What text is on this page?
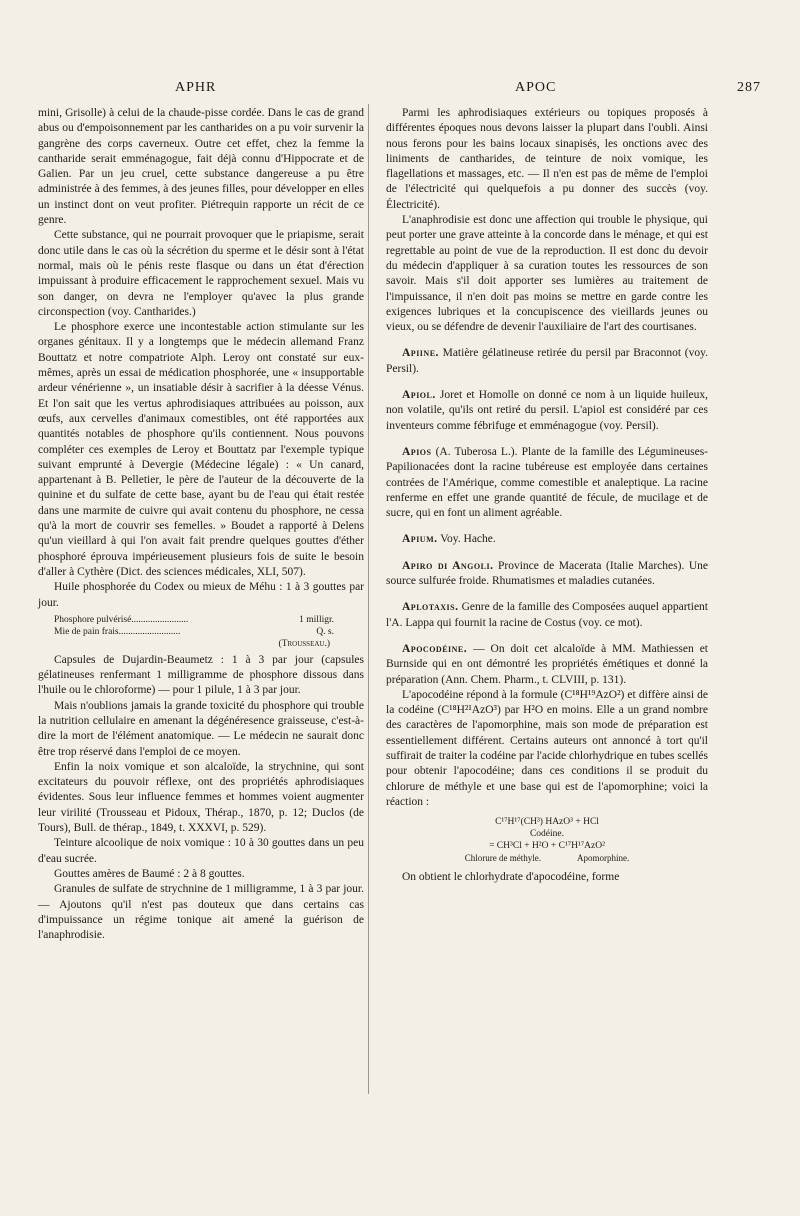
APHR	APOC	287

mini, Grisolle) à celui de la chaude-pisse cordée. Dans le cas de grand abus ou d'empoisonnement par les cantharides on a pu voir survenir la gangrène des corps caverneux. Outre cet effet, chez la femme la cantharide serait emménagogue, fait déjà connu d'Hippocrate et de Galien. Par un jeu cruel, cette substance dangereuse a pu être administrée à des femmes, à des jeunes filles, pour développer en elles un instinct dont on veut profiter. Piétrequin rapporte un récit de ce genre.

Cette substance, qui ne pourrait provoquer que le priapisme, serait donc utile dans le cas où la sécrétion du sperme et le désir sont à l'état normal, mais où le pénis reste flasque ou dans un état d'érection impuissant à produire efficacement le rapprochement sexuel. Mais vu son danger, on devra ne l'employer qu'avec la plus grande circonspection (voy. Cantharides.)

Le phosphore exerce une incontestable action stimulante sur les organes génitaux. Il y a longtemps que le médecin allemand Franz Bouttatz et notre compatriote Alph. Leroy ont constaté sur eux-mêmes, après un essai de médication phosphorée, une « insupportable ardeur vénérienne », un insatiable désir à sacrifier à la déesse Vénus. Et l'on sait que les vertus aphrodisiaques attribuées au poisson, aux œufs, aux cervelles d'animaux comestibles, ont été rapportées aux quantités notables de phosphore qu'ils contiennent. Nous pouvons compléter ces exemples de Leroy et Bouttatz par l'exemple typique suivant emprunté à Devergie (Médecine légale) : « Un canard, appartenant à B. Pelletier, le père de l'auteur de la découverte de la quinine et du sulfate de cette base, ayant bu de l'eau qui était restée dans une marmite de cuivre qui avait contenu du phosphore, ne cessa qu'à la mort de couvrir ses femelles. » Boudet a rapporté à Delens qu'un vieillard à qui l'on avait fait prendre quelques gouttes d'éther phosphoré éprouva impérieusement plusieurs fois de suite le besoin d'aller à Cythère (Dict. des sciences médicales, XLI, 507).

Huile phosphorée du Codex ou mieux de Méhu : 1 à 3 gouttes par jour.

Phosphore pulvérisé........................	1 milligr.
Mie de pain frais..........................	Q. s.
(Trousseau.)

Capsules de Dujardin-Beaumetz : 1 à 3 par jour (capsules gélatineuses renfermant 1 milligramme de phosphore dissous dans l'huile ou le chloroforme) — pour 1 pilule, 1 à 3 par jour.

Mais n'oublions jamais la grande toxicité du phosphore qui trouble la nutrition cellulaire en amenant la dégénéresence graisseuse, c'est-à-dire la mort de l'élément anatomique. — Le médecin ne saurait donc être trop réservé dans l'emploi de ce moyen.

Enfin la noix vomique et son alcaloïde, la strychnine, qui sont excitateurs du pouvoir réflexe, ont des propriétés aphrodisiaques évidentes. Sous leur influence femmes et hommes voient augmenter leur virilité (Trousseau et Pidoux, Thérap., 1870, p. 12; Duclos (de Tours), Bull. de thérap., 1849, t. XXXVI, p. 529).

Teinture alcoolique de noix vomique : 10 à 30 gouttes dans un peu d'eau sucrée.

Gouttes amères de Baumé : 2 à 8 gouttes.

Granules de sulfate de strychnine de 1 milligramme, 1 à 3 par jour. — Ajoutons qu'il n'est pas douteux que dans certains cas d'impuissance un régime tonique ait amené la guérison de l'anaphrodisie.

Parmi les aphrodisiaques extérieurs ou topiques proposés à différentes époques nous devons laisser la plupart dans l'oubli. Ainsi nous ferons pour les bains locaux sinapisés, les onctions avec des liniments de cantharides, de teinture de noix vomique, les flagellations et massages, etc. — Il n'en est pas de même de l'emploi de l'électricité qui quelquefois a pu donner des succès (voy. Électricité).

L'anaphrodisie est donc une affection qui trouble le physique, qui peut porter une grave atteinte à la concorde dans le ménage, et qui est regrettable au point de vue de la reproduction. Il est donc du devoir du médecin d'appliquer à sa curation toutes les ressources de son savoir. Mais s'il doit apporter ses lumières au traitement de l'impuissance, il n'en doit pas moins se mettre en garde contre les exigences lubriques et la concupiscence des vieillards jeunes ou vieux, ou se défendre de devenir l'auxiliaire de l'art des courtisanes.

Apiine. Matière gélatineuse retirée du persil par Braconnot (voy. Persil).

Apiol. Joret et Homolle on donné ce nom à un liquide huileux, non volatile, qu'ils ont retiré du persil. L'apiol est considéré par ces inventeurs comme fébrifuge et emménagogue (voy. Persil).

Apios (A. Tuberosa L.). Plante de la famille des Légumineuses-Papilionacées dont la racine tubéreuse est employée dans certaines contrées de l'Amérique, comme comestible et analeptique. La racine renferme en effet une grande quantité de fécule, de mucilage et de sucre, qui en font un aliment agréable.

Apium. Voy. Hache.

Apiro di Angoli. Province de Macerata (Italie Marches). Une source sulfurée froide. Rhumatismes et maladies cutanées.

Aplotaxis. Genre de la famille des Composées auquel appartient l'A. Lappa qui fournit la racine de Costus (voy. ce mot).

Apocodéine. — On doit cet alcaloïde à MM. Mathiessen et Burnside qui en ont démontré les propriétés émétiques et donné la préparation (Ann. Chem. Pharm., t. CLVIII, p. 131).

L'apocodéine répond à la formule (C¹⁸H¹⁹AzO²) et diffère ainsi de la codéine (C¹⁸H²¹AzO³) par H²O en moins. Elle a un grand nombre des caractères de l'apomorphine, mais son mode de préparation est essentiellement différent. Certains auteurs ont annoncé à tort qu'il suffirait de traiter la codéine par l'acide chlorhydrique en tubes scellés pour obtenir l'apocodéine; dans ces conditions il se produit du chlorure de méthyle et une base qui est de l'apomorphine; voici la réaction :

C¹⁷H¹⁷(CH³) HAzO³ + HCl
Codéine.
= CH³Cl + H²O + C¹⁷H¹⁷AzO²
Chlorure de méthyle.	Apomorphine.

On obtient le chlorhydrate d'apocodéine, forme
